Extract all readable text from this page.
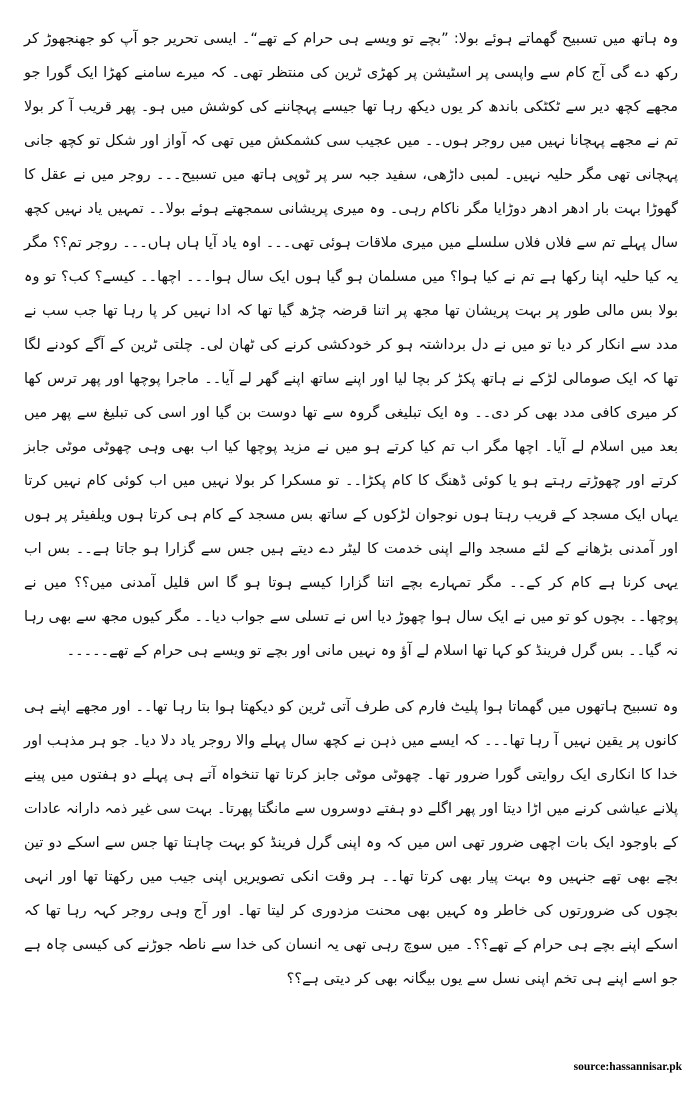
وہ ہاتھ میں تسبیح گھماتے ہوئے بولا: ”بچے تو ویسے ہی حرام کے تھے“۔ ایسی تحریر جو آپ کو جھنجھوڑ کر رکھ دے گی آج کام سے واپسی پر اسٹیشن پر کھڑی ٹرین کی منتظر تھی۔ کہ میرے سامنے کھڑا ایک گورا جو مجھے کچھ دیر سے ٹکٹکی باندھ کر یوں دیکھ رہا تھا جیسے پہچاننے کی کوشش میں ہو۔ پھر قریب آ کر بولا تم نے مجھے پہچانا نہیں میں روجر ہوں۔۔ میں عجیب سی کشمکش میں تھی کہ آواز اور شکل تو کچھ جانی پہچانی تھی مگر حلیہ نہیں۔ لمبی داڑھی، سفید جبہ سر پر ٹوپی ہاتھ میں تسبیح۔۔۔ روجر میں نے عقل کا گھوڑا بہت بار ادھر ادھر دوڑایا مگر ناکام رہی۔ وہ میری پریشانی سمجھتے ہوئے بولا۔۔ تمہیں یاد نہیں کچھ سال پہلے تم سے فلاں فلاں سلسلے میں میری ملاقات ہوئی تھی۔۔۔ اوہ یاد آیا ہاں ہاں۔۔۔ روجر تم؟؟ مگر یہ کیا حلیہ اپنا رکھا ہے تم نے کیا ہوا؟ میں مسلمان ہو گیا ہوں ایک سال ہوا۔۔۔ اچھا۔۔ کیسے؟ کب؟ تو وہ بولا بس مالی طور پر بہت پریشان تھا مجھ پر اتنا قرضہ چڑھ گیا تھا کہ ادا نہیں کر پا رہا تھا جب سب نے مدد سے انکار کر دیا تو میں نے دل برداشتہ ہو کر خودکشی کرنے کی ٹھان لی۔ چلتی ٹرین کے آگے کودنے لگا تھا کہ ایک صومالی لڑکے نے ہاتھ پکڑ کر بچا لیا اور اپنے ساتھ اپنے گھر لے آیا۔۔ ماجرا پوچھا اور پھر ترس کھا کر میری کافی مدد بھی کر دی۔۔ وہ ایک تبلیغی گروہ سے تھا دوست بن گیا اور اسی کی تبلیغ سے پھر میں بعد میں اسلام لے آیا۔ اچھا مگر اب تم کیا کرتے ہو میں نے مزید پوچھا کیا اب بھی وہی چھوٹی موٹی جابز کرتے اور چھوڑتے رہتے ہو یا کوئی ڈھنگ کا کام پکڑا۔۔ تو مسکرا کر بولا نہیں میں اب کوئی کام نہیں کرتا یہاں ایک مسجد کے قریب رہتا ہوں نوجوان لڑکوں کے ساتھ بس مسجد کے کام ہی کرتا ہوں ویلفیئر پر ہوں اور آمدنی بڑھانے کے لئے مسجد والے اپنی خدمت کا لیٹر دے دیتے ہیں جس سے گزارا ہو جاتا ہے۔۔ بس اب یہی کرنا ہے کام کر کے۔۔ مگر تمہارے بچے اتنا گزارا کیسے ہوتا ہو گا اس قلیل آمدنی میں؟؟ میں نے پوچھا۔۔ بچوں کو تو میں نے ایک سال ہوا چھوڑ دیا اس نے تسلی سے جواب دیا۔۔ مگر کیوں مجھ سے بھی رہا نہ گیا۔۔ بس گرل فرینڈ کو کہا تھا اسلام لے آؤ وہ نہیں مانی اور بچے تو ویسے ہی حرام کے تھے۔۔۔۔۔

وہ تسبیح ہاتھوں میں گھماتا ہوا پلیٹ فارم کی طرف آتی ٹرین کو دیکھتا ہوا بتا رہا تھا۔۔ اور مجھے اپنے ہی کانوں پر یقین نہیں آ رہا تھا۔۔۔ کہ ایسے میں ذہن نے کچھ سال پہلے والا روجر یاد دلا دیا۔ جو ہر مذہب اور خدا کا انکاری ایک روایتی گورا ضرور تھا۔ چھوٹی موٹی جابز کرتا تھا تنخواہ آتے ہی پہلے دو ہفتوں میں پینے پلانے عیاشی کرنے میں اڑا دیتا اور پھر اگلے دو ہفتے دوسروں سے مانگتا پھرتا۔ بہت سی غیر ذمہ دارانہ عادات کے باوجود ایک بات اچھی ضرور تھی اس میں کہ وہ اپنی گرل فرینڈ کو بہت چاہتا تھا جس سے اسکے دو تین بچے بھی تھے جنہیں وہ بہت پیار بھی کرتا تھا۔۔ ہر وقت انکی تصویریں اپنی جیب میں رکھتا تھا اور انہی بچوں کی ضرورتوں کی خاطر وہ کہیں بھی محنت مزدوری کر لیتا تھا۔ اور آج وہی روجر کہہ رہا تھا کہ اسکے اپنے بچے ہی حرام کے تھے؟؟۔ میں سوچ رہی تھی یہ انسان کی خدا سے ناطہ جوڑنے کی کیسی چاہ ہے جو اسے اپنے ہی تخم اپنی نسل سے یوں بیگانہ بھی کر دیتی ہے؟؟

source:hassannisar.pk
